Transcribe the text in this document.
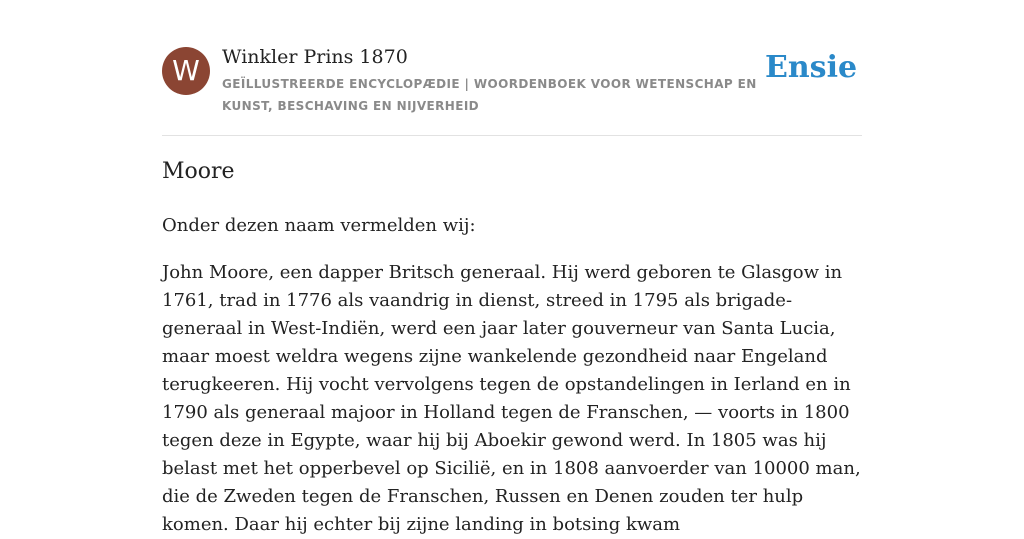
W	Winkler Prins 1870
GEÏLLUSTREERDE ENCYCLOPÆDIE | WOORDENBOEK VOOR WETENSCHAP EN KUNST, BESCHAVING EN NIJVERHEID
Ensie
Moore

Onder dezen naam vermelden wij:

John Moore, een dapper Britsch generaal. Hij werd geboren te Glasgow in 1761, trad in 1776 als vaandrig in dienst, streed in 1795 als brigade-generaal in West-Indiën, werd een jaar later gouverneur van Santa Lucia, maar moest weldra wegens zijne wankelende gezondheid naar Engeland terugkeeren. Hij vocht vervolgens tegen de opstandelingen in Ierland en in 1790 als generaal majoor in Holland tegen de Franschen, — voorts in 1800 tegen deze in Egypte, waar hij bij Aboekir gewond werd. In 1805 was hij belast met het opperbevel op Sicilië, en in 1808 aanvoerder van 10000 man, die de Zweden tegen de Franschen, Russen en Denen zouden ter hulp komen. Daar hij echter bij zijne landing in botsing kwam
